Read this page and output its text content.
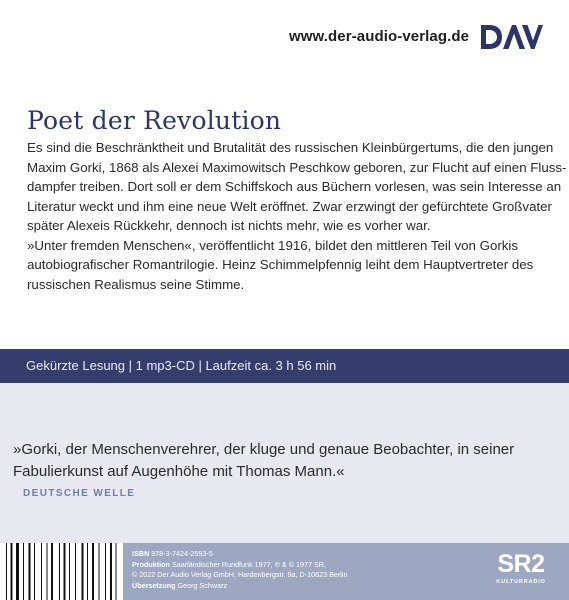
www.der-audio-verlag.de
Poet der Revolution

Es sind die Beschränktheit und Brutalität des russischen Kleinbürgertums, die den jungen
Maxim Gorki, 1868 als Alexei Maximowitsch Peschkow geboren, zur Flucht auf einen Fluss-
dampfer treiben. Dort soll er dem Schiffskoch aus Büchern vorlesen, was sein Interesse an
Literatur weckt und ihm eine neue Welt eröffnet. Zwar erzwingt der gefürchtete Großvater
später Alexeis Rückkehr, dennoch ist nichts mehr, wie es vorher war.
»Unter fremden Menschen«, veröffentlicht 1916, bildet den mittleren Teil von Gorkis
autobiografischer Romantrilogie. Heinz Schimmelpfennig leiht dem Hauptvertreter des
russischen Realismus seine Stimme.

Gekürzte Lesung | 1 mp3-CD | Laufzeit ca. 3 h 56 min
»Gorki, der Menschenverehrer, der kluge und genaue Beobachter, in seiner
Fabulierkunst auf Augenhöhe mit Thomas Mann.«
DEUTSCHE WELLE
ISBN 978-3-7424-2593-5
Produktion Saarländischer Rundfunk 1977, ℗ & © 1977 SR,
© 2022 Der Audio Verlag GmbH, Hardenbergstr. 9a, D-10623 Berlin
Übersetzung Georg Schwarz
SR2
KULTURRADIO
